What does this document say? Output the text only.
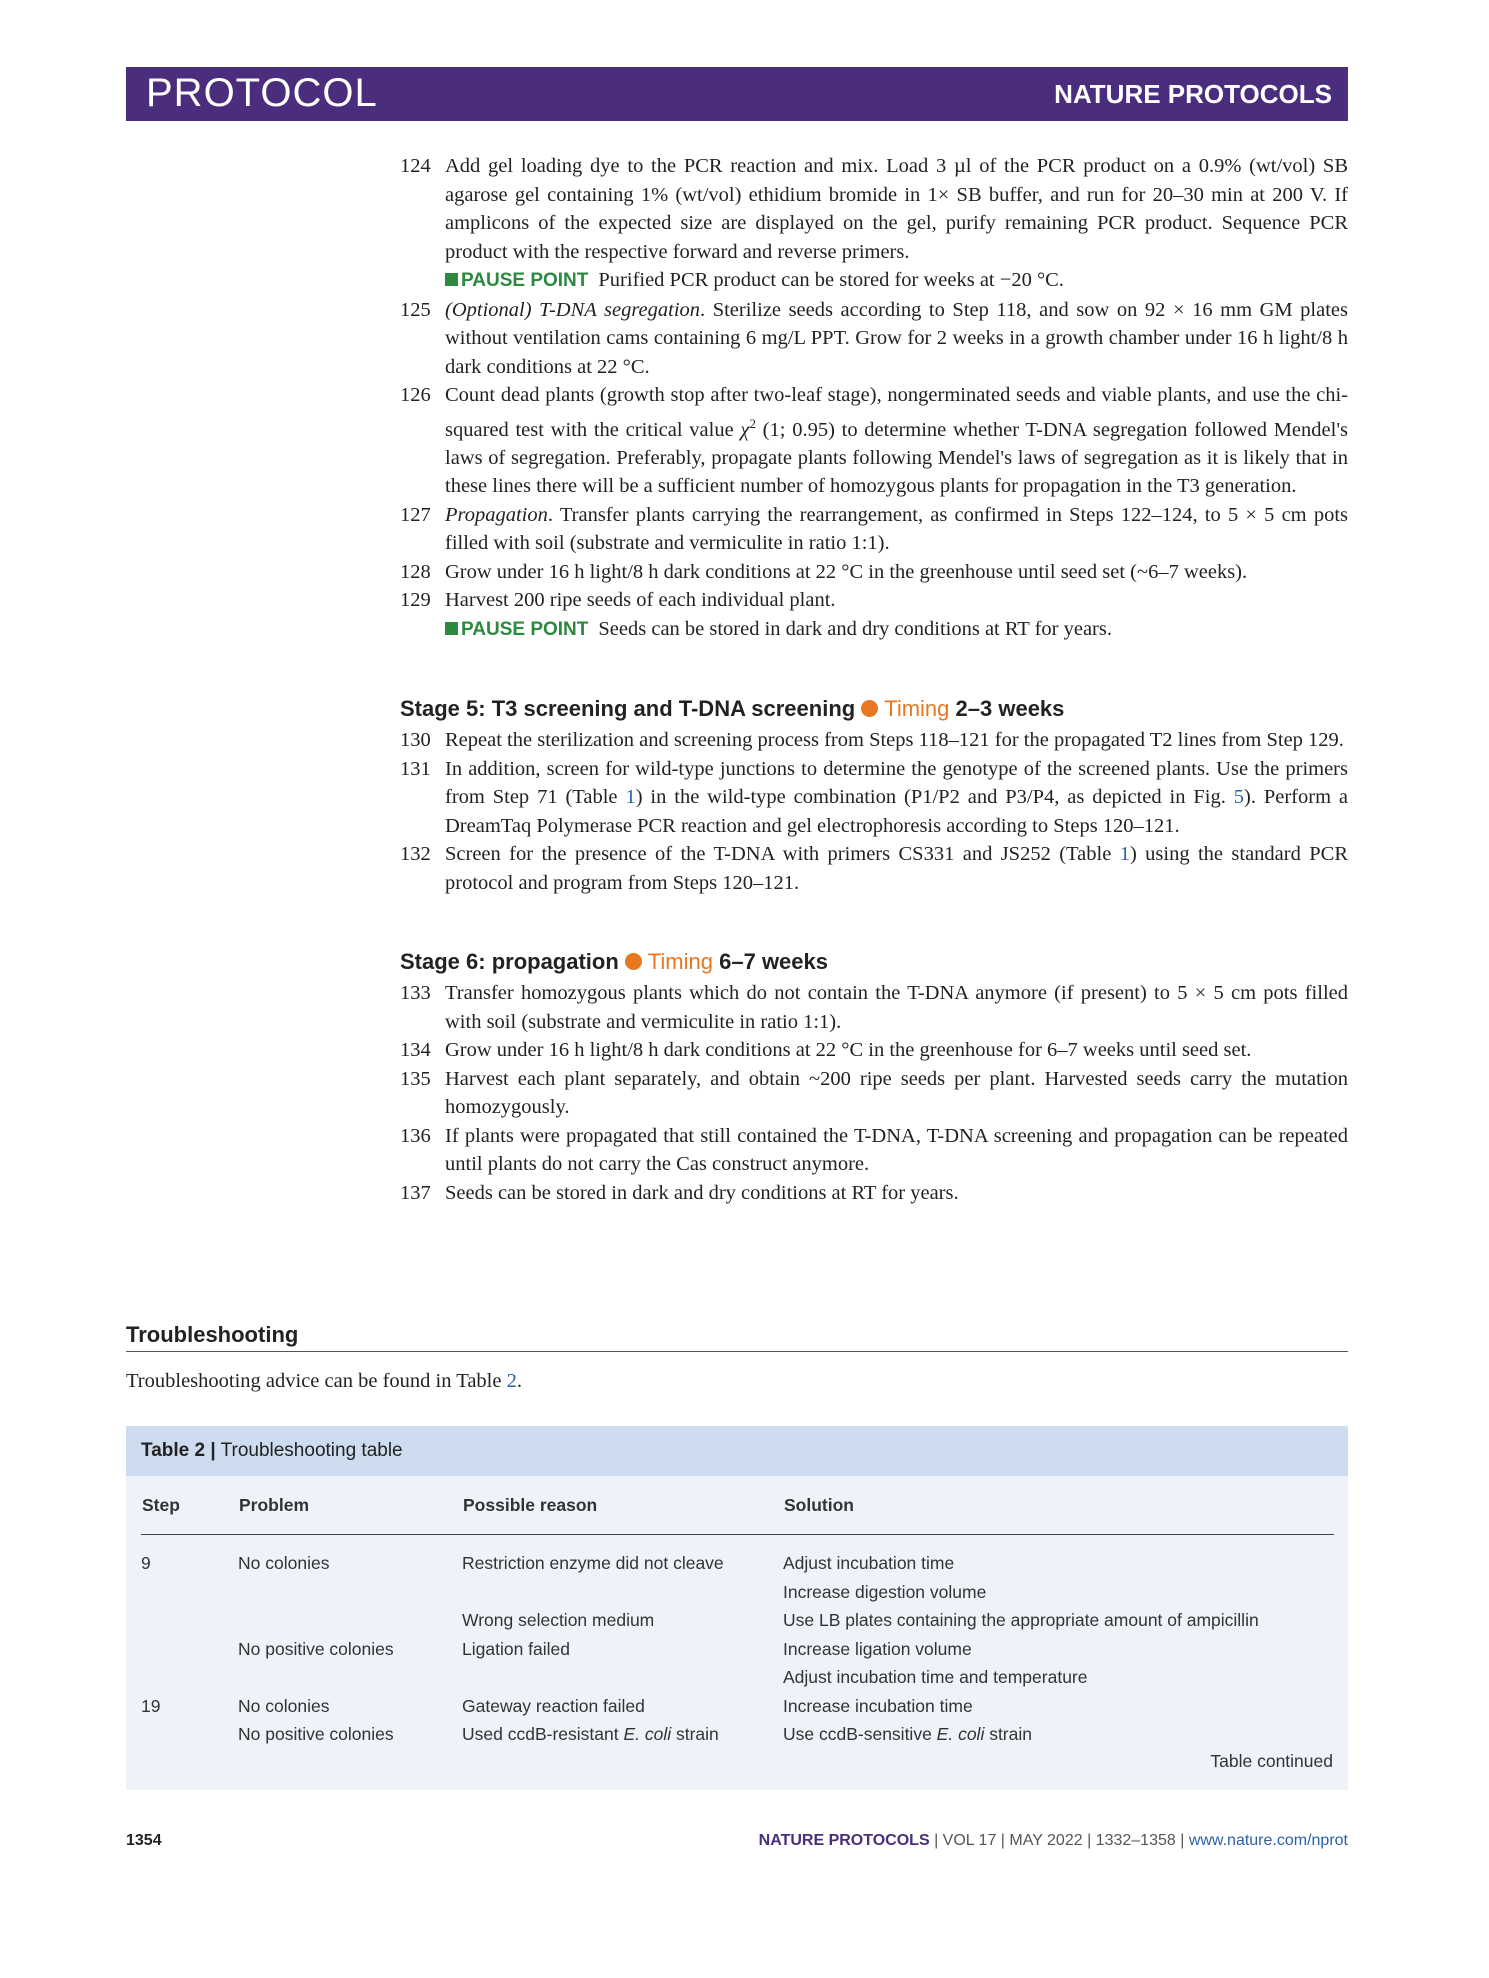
PROTOCOL	NATURE PROTOCOLS
124 Add gel loading dye to the PCR reaction and mix. Load 3 µl of the PCR product on a 0.9% (wt/vol) SB agarose gel containing 1% (wt/vol) ethidium bromide in 1× SB buffer, and run for 20–30 min at 200 V. If amplicons of the expected size are displayed on the gel, purify remaining PCR product. Sequence PCR product with the respective forward and reverse primers.
PAUSE POINT Purified PCR product can be stored for weeks at −20 °C.
125 (Optional) T-DNA segregation. Sterilize seeds according to Step 118, and sow on 92 × 16 mm GM plates without ventilation cams containing 6 mg/L PPT. Grow for 2 weeks in a growth chamber under 16 h light/8 h dark conditions at 22 °C.
126 Count dead plants (growth stop after two-leaf stage), nongerminated seeds and viable plants, and use the chi-squared test with the critical value $\chi^2$ (1; 0.95) to determine whether T-DNA segregation followed Mendel's laws of segregation. Preferably, propagate plants following Mendel's laws of segregation as it is likely that in these lines there will be a sufficient number of homozygous plants for propagation in the T3 generation.
127 Propagation. Transfer plants carrying the rearrangement, as confirmed in Steps 122–124, to 5 × 5 cm pots filled with soil (substrate and vermiculite in ratio 1:1).
128 Grow under 16 h light/8 h dark conditions at 22 °C in the greenhouse until seed set (~6–7 weeks).
129 Harvest 200 ripe seeds of each individual plant.
PAUSE POINT Seeds can be stored in dark and dry conditions at RT for years.
Stage 5: T3 screening and T-DNA screening Timing 2–3 weeks
130 Repeat the sterilization and screening process from Steps 118–121 for the propagated T2 lines from Step 129.
131 In addition, screen for wild-type junctions to determine the genotype of the screened plants. Use the primers from Step 71 (Table 1) in the wild-type combination (P1/P2 and P3/P4, as depicted in Fig. 5). Perform a DreamTaq Polymerase PCR reaction and gel electrophoresis according to Steps 120–121.
132 Screen for the presence of the T-DNA with primers CS331 and JS252 (Table 1) using the standard PCR protocol and program from Steps 120–121.
Stage 6: propagation Timing 6–7 weeks
133 Transfer homozygous plants which do not contain the T-DNA anymore (if present) to 5 × 5 cm pots filled with soil (substrate and vermiculite in ratio 1:1).
134 Grow under 16 h light/8 h dark conditions at 22 °C in the greenhouse for 6–7 weeks until seed set.
135 Harvest each plant separately, and obtain ~200 ripe seeds per plant. Harvested seeds carry the mutation homozygously.
136 If plants were propagated that still contained the T-DNA, T-DNA screening and propagation can be repeated until plants do not carry the Cas construct anymore.
137 Seeds can be stored in dark and dry conditions at RT for years.
Troubleshooting
Troubleshooting advice can be found in Table 2.
Table 2 | Troubleshooting table
Step	Problem	Possible reason	Solution
9	No colonies	Restriction enzyme did not cleave	Adjust incubation time
			Increase digestion volume
		Wrong selection medium	Use LB plates containing the appropriate amount of ampicillin
	No positive colonies	Ligation failed	Increase ligation volume
			Adjust incubation time and temperature
19	No colonies	Gateway reaction failed	Increase incubation time
	No positive colonies	Used ccdB-resistant E. coli strain	Use ccdB-sensitive E. coli strain
Table continued
1354	NATURE PROTOCOLS | VOL 17 | MAY 2022 | 1332–1358 | www.nature.com/nprot
